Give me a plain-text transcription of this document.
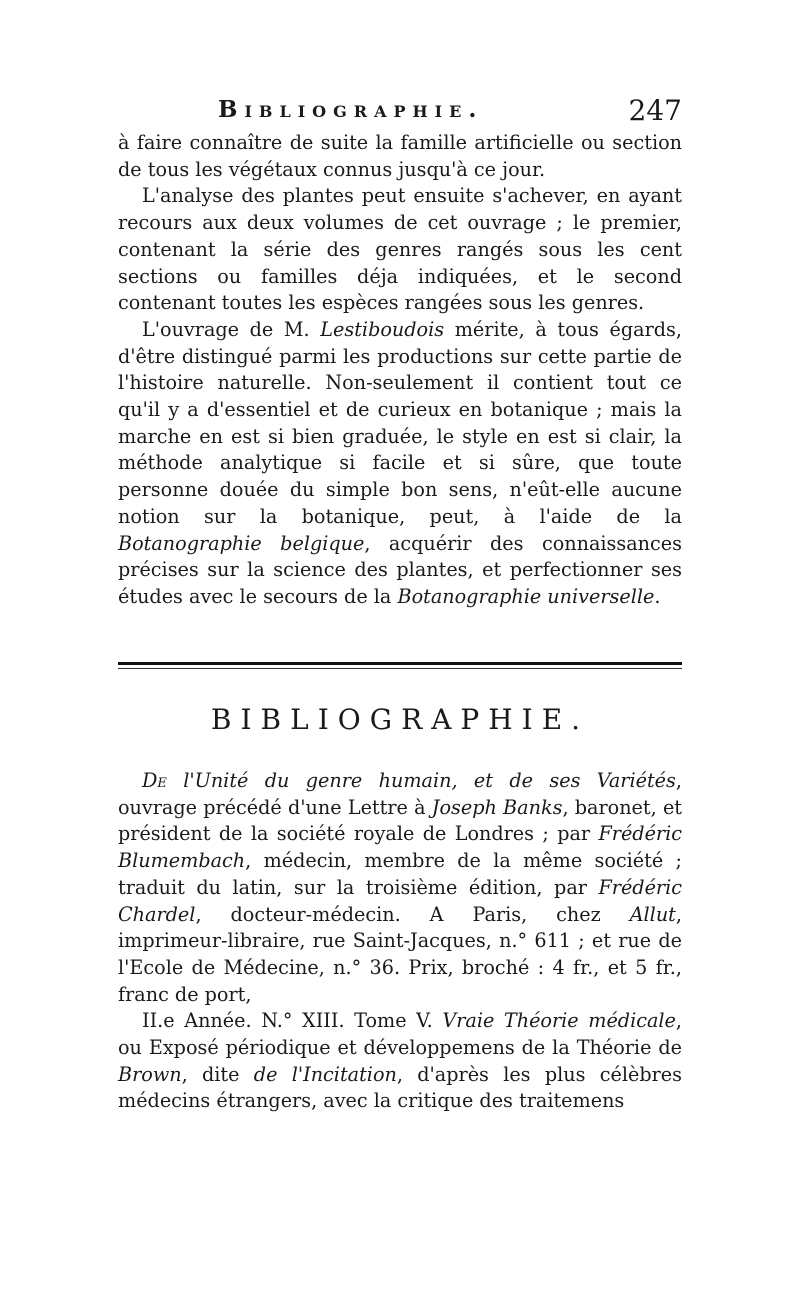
Bibliographie.	247

à faire connaître de suite la famille artificielle ou section de tous les végétaux connus jusqu'à ce jour.

L'analyse des plantes peut ensuite s'achever, en ayant recours aux deux volumes de cet ouvrage ; le premier, contenant la série des genres rangés sous les cent sections ou familles déja indiquées, et le second contenant toutes les espèces rangées sous les genres.

L'ouvrage de M. Lestiboudois mérite, à tous égards, d'être distingué parmi les productions sur cette partie de l'histoire naturelle. Non-seulement il contient tout ce qu'il y a d'essentiel et de curieux en botanique ; mais la marche en est si bien graduée, le style en est si clair, la méthode analytique si facile et si sûre, que toute personne douée du simple bon sens, n'eût-elle aucune notion sur la botanique, peut, à l'aide de la Botanographie belgique, acquérir des connaissances précises sur la science des plantes, et perfectionner ses études avec le secours de la Botanographie universelle.

BIBLIOGRAPHIE.

De l'Unité du genre humain, et de ses Variétés, ouvrage précédé d'une Lettre à Joseph Banks, baronet, et président de la société royale de Londres ; par Frédéric Blumembach, médecin, membre de la même société ; traduit du latin, sur la troisième édition, par Frédéric Chardel, docteur-médecin. A Paris, chez Allut, imprimeur-libraire, rue Saint-Jacques, n.° 611 ; et rue de l'Ecole de Médecine, n.° 36. Prix, broché : 4 fr., et 5 fr., franc de port,

II.e Année. N.° XIII. Tome V. Vraie Théorie médicale, ou Exposé périodique et développemens de la Théorie de Brown, dite de l'Incitation, d'après les plus célèbres médecins étrangers, avec la critique des traitemens
